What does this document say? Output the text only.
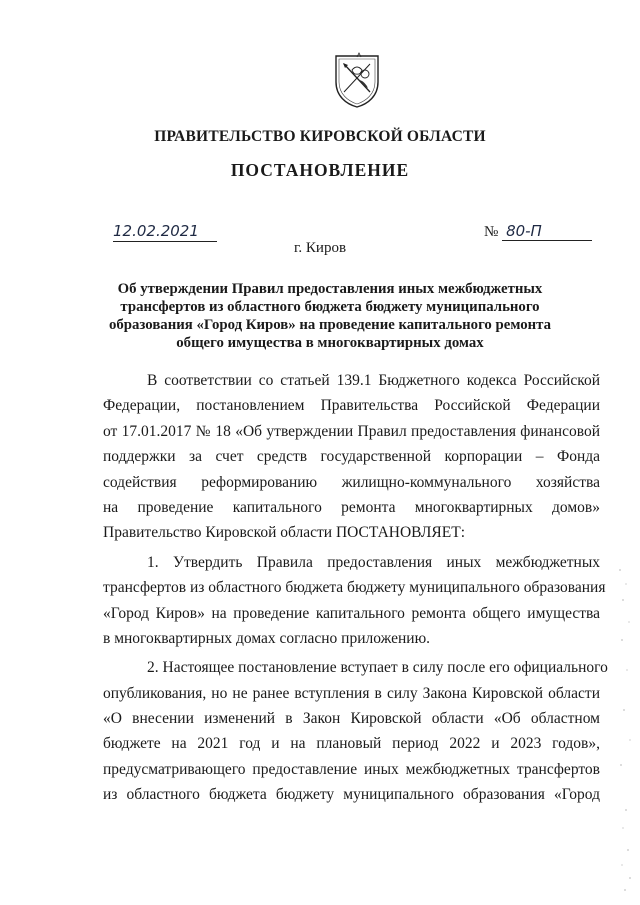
ПРАВИТЕЛЬСТВО КИРОВСКОЙ ОБЛАСТИ
ПОСТАНОВЛЕНИЕ
12.02.2021	№ 80-П
г. Киров
Об утверждении Правил предоставления иных межбюджетных
трансфертов из областного бюджета бюджету муниципального
образования «Город Киров» на проведение капитального ремонта
общего имущества в многоквартирных домах
В соответствии со статьей 139.1 Бюджетного кодекса Российской
Федерации, постановлением Правительства Российской Федерации
от 17.01.2017 № 18 «Об утверждении Правил предоставления финансовой
поддержки за счет средств государственной корпорации – Фонда
содействия реформированию жилищно-коммунального хозяйства
на проведение капитального ремонта многоквартирных домов»
Правительство Кировской области ПОСТАНОВЛЯЕТ:
1. Утвердить Правила предоставления иных межбюджетных
трансфертов из областного бюджета бюджету муниципального образования
«Город Киров» на проведение капитального ремонта общего имущества
в многоквартирных домах согласно приложению.
2. Настоящее постановление вступает в силу после его официального
опубликования, но не ранее вступления в силу Закона Кировской области
«О внесении изменений в Закон Кировской области «Об областном
бюджете на 2021 год и на плановый период 2022 и 2023 годов»,
предусматривающего предоставление иных межбюджетных трансфертов
из областного бюджета бюджету муниципального образования «Город
